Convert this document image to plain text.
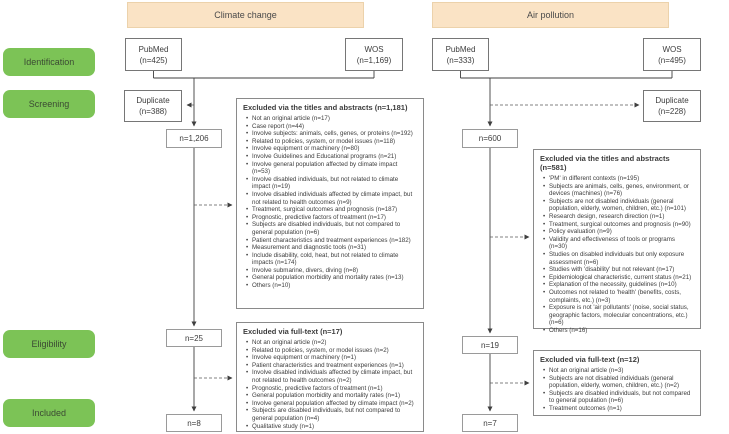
Identification
Screening
Eligibility
Included
Climate change	Air pollution
PubMed
(n=425)
WOS
(n=1,169)
Duplicate
(n=388)
n=1,206
n=25
n=8
Excluded via the titles and abstracts (n=1,181)
• Not an original article (n=17)
• Case report (n=44)
• Involve subjects: animals, cells, genes, or proteins (n=192)
• Related to policies, system, or model issues (n=118)
• Involve equipment or machinery (n=80)
• Involve Guidelines and Educational programs (n=21)
• Involve general population affected by climate impact (n=53)
• Involve disabled individuals, but not related to climate impact (n=19)
• Involve disabled individuals affected by climate impact, but not related to health outcomes (n=9)
• Treatment, surgical outcomes and prognosis (n=187)
• Prognostic, predictive factors of treatment (n=17)
• Subjects are disabled individuals, but not compared to general population (n=6)
• Patient characteristics and treatment experiences (n=182)
• Measurement and diagnostic tools (n=31)
• Include disability, cold, heat, but not related to climate impacts (n=174)
• Involve submarine, divers, diving (n=8)
• General population morbidity and mortality rates (n=13)
• Others (n=10)
Excluded via full-text (n=17)
• Not an original article (n=2)
• Related to policies, system, or model issues (n=2)
• Involve equipment or machinery (n=1)
• Patient characteristics and treatment experiences (n=1)
• Involve disabled individuals affected by climate impact, but not related to health outcomes (n=2)
• Prognostic, predictive factors of treatment (n=1)
• General population morbidity and mortality rates (n=1)
• Involve general population affected by climate impact (n=2)
• Subjects are disabled individuals, but not compared to general population (n=4)
• Qualitative study (n=1)
PubMed
(n=333)
WOS
(n=495)
Duplicate
(n=228)
n=600
n=19
n=7
Excluded via the titles and abstracts (n=581)
• 'PM' in different contexts (n=195)
• Subjects are animals, cells, genes, environment, or devices (machines) (n=76)
• Subjects are not disabled individuals (general population, elderly, women, children, etc.) (n=101)
• Research design, research direction (n=1)
• Treatment, surgical outcomes and prognosis (n=90)
• Policy evaluation (n=9)
• Validity and effectiveness of tools or programs (n=30)
• Studies on disabled individuals but only exposure assessment (n=6)
• Studies with 'disability' but not relevant (n=17)
• Epidemiological characteristic, current status (n=21)
• Explanation of the necessity, guidelines (n=10)
• Outcomes not related to 'health' (benefits, costs, complaints, etc.) (n=3)
• Exposure is not 'air pollutants' (noise, social status, geographic factors, molecular concentrations, etc.) (n=6)
• Others (n=16)
Excluded via full-text (n=12)
• Not an original article (n=3)
• Subjects are not disabled individuals (general population, elderly, women, children, etc.) (n=2)
• Subjects are disabled individuals, but not compared to general population (n=6)
• Treatment outcomes (n=1)
